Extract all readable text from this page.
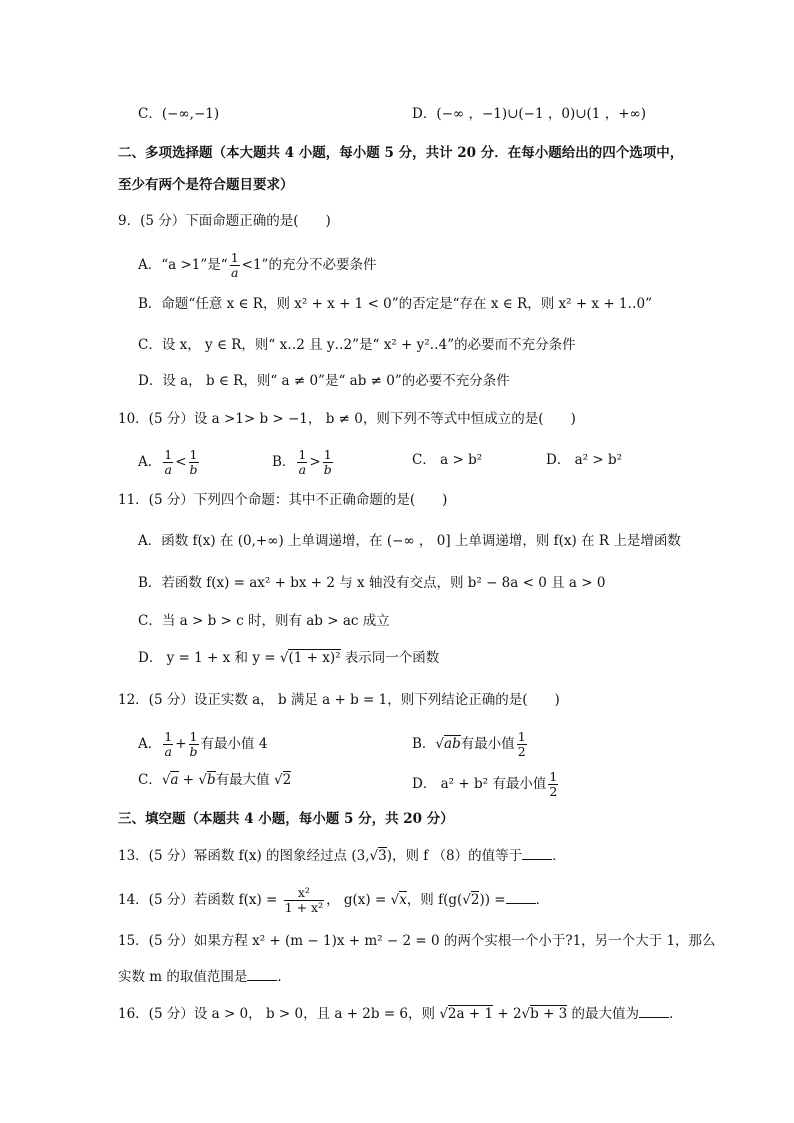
C．(−∞,−1)	D．(−∞ ，−1)∪(−1 ，0)∪(1 ，+∞)
二、多项选择题（本大题共 4 小题，每小题 5 分，共计 20 分．在每小题给出的四个选项中，
至少有两个是符合题目要求）
9．(5 分）下面命题正确的是(　　)
A．“a >1”是“ $\frac{1}{a} <1$”的充分不必要条件
B．命题“任意 x ∈ R，则 x² + x + 1 < 0”的否定是“存在 x ∈ R，则 x² + x + 1‥0”
C．设 x， y ∈ R，则“ x‥2 且 y‥2”是“ x² + y²‥4”的必要而不充分条件
D．设 a， b ∈ R，则“ a ≠ 0”是“ ab ≠ 0”的必要不充分条件
10．(5 分）设 a >1> b > −1， b ≠ 0，则下列不等式中恒成立的是(　　)
A． $\frac{1}{a} < \frac{1}{b}$	B． $\frac{1}{a} > \frac{1}{b}$	C． a > b²	D． a² > b²
11．(5 分）下列四个命题：其中不正确命题的是(　　)
A．函数 f(x) 在 (0,+∞) 上单调递增，在 (−∞ ， 0] 上单调递增，则 f(x) 在 R 上是增函数
B．若函数 f(x) = ax² + bx + 2 与 x 轴没有交点，则 b² − 8a < 0 且 a > 0
C．当 a > b > c 时，则有 ab > ac 成立
D． y = 1 + x 和 y = √(1 + x)² 表示同一个函数
12．(5 分）设正实数 a， b 满足 a + b = 1，则下列结论正确的是(　　)
A． $\frac{1}{a} + \frac{1}{b}$ 有最小值 4	B．√ab有最小值 $\frac{1}{2}$
C．√a + √b有最大值 √2	D． a² + b² 有最小值 $\frac{1}{2}$
三、填空题（本题共 4 小题，每小题 5 分，共 20 分）
13．(5 分）幂函数 f(x) 的图象经过点 (3,√3)，则 f （8）的值等于 ．
14．(5 分）若函数 $f(x) = \frac{\text{x²}}{\text{1 + x²}}$ ， g(x) = √x，则 f(g(√2)) = ．
15．(5 分）如果方程 x² + (m − 1)x + m² − 2 = 0 的两个实根一个小于?1，另一个大于 1，那么
实数 m 的取值范围是 ．
16．(5 分）设 a > 0， b > 0，且 a + 2b = 6，则 √2a + 1 + 2√b + 3 的最大值为 ．
